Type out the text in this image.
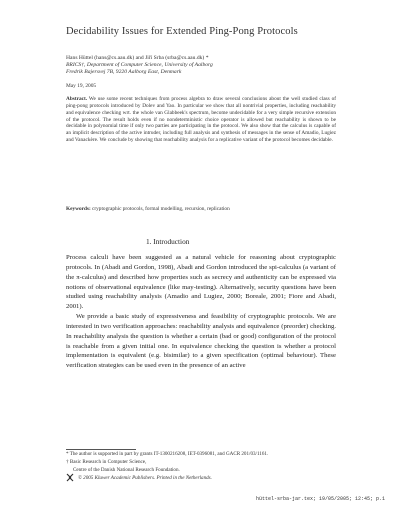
Decidability Issues for Extended Ping-Pong Protocols
Hans Hüttel (hans@cs.aau.dk) and Jiří Srba (srba@cs.aau.dk) *
BRICS†, Department of Computer Science, University of Aalborg
Fredrik Bajersvej 7B, 9220 Aalborg East, Denmark
May 19, 2005
Abstract. We use some recent techniques from process algebra to draw several conclusions about the well studied class of ping-pong protocols introduced by Dolev and Yao. In particular we show that all nontrivial properties, including reachability and equivalence checking wrt. the whole van Glabbeek's spectrum, become undecidable for a very simple recursive extension of the protocol. The result holds even if no nondeterministic choice operator is allowed but reachability is shown to be decidable in polynomial time if only two parties are participating in the protocol. We also show that the calculus is capable of an implicit description of the active intruder, including full analysis and synthesis of messages in the sense of Amadio, Lugiez and Vanackère. We conclude by showing that reachability analysis for a replicative variant of the protocol becomes decidable.
Keywords: cryptographic protocols, formal modelling, recursion, replication
1. Introduction

Process calculi have been suggested as a natural vehicle for reasoning about cryptographic protocols. In (Abadi and Gordon, 1998), Abadi and Gordon introduced the spi-calculus (a variant of the π-calculus) and described how properties such as secrecy and authenticity can be expressed via notions of observational equivalence (like may-testing). Alternatively, security questions have been studied using reachability analysis (Amadio and Lugiez, 2000; Boreale, 2001; Fiore and Abadi, 2001).

We provide a basic study of expressiveness and feasibility of cryptographic protocols. We are interested in two verification approaches: reachability analysis and equivalence (preorder) checking. In reachability analysis the question is whether a certain (bad or good) configuration of the protocol is reachable from a given initial one. In equivalence checking the question is whether a protocol implementation is equivalent (e.g. bisimilar) to a given specification (optimal behaviour). These verification strategies can be used even in the presence of an active

* The author is supported in part by grants IT-1300216208, IET-0396081, and GACR 201/03/1161.
† Basic Research in Computer Science,
Centre of the Danish National Research Foundation.
© 2005 Kluwer Academic Publishers. Printed in the Netherlands.
hüttel-srba-jar.tex; 19/05/2005; 12:45; p.1
